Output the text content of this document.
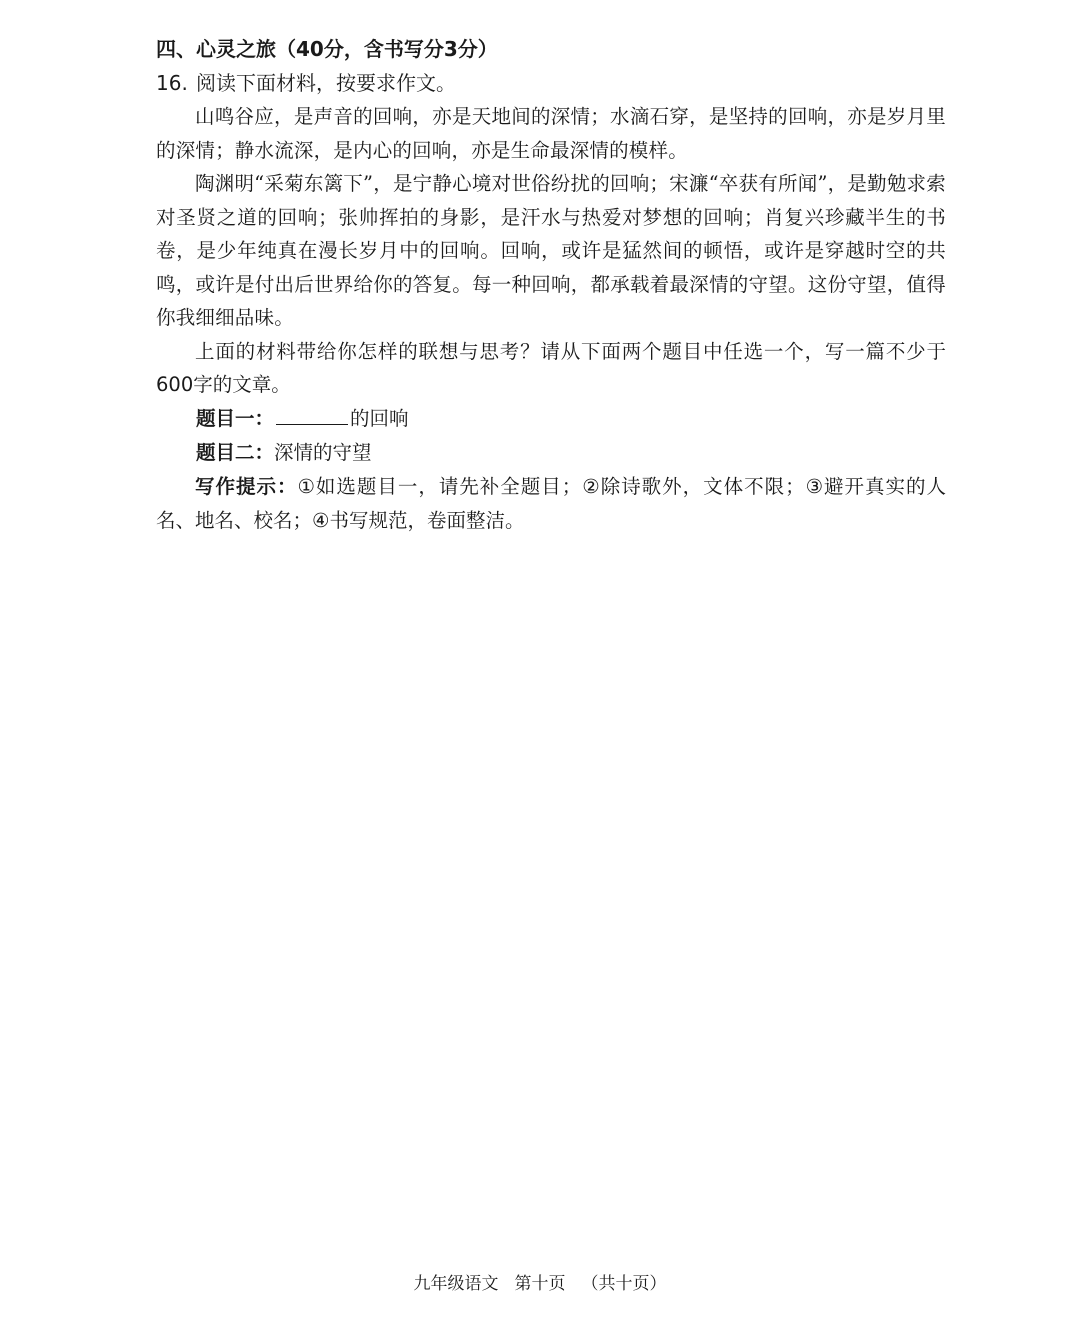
四、心灵之旅（40分，含书写分3分）

16. 阅读下面材料，按要求作文。

山鸣谷应，是声音的回响，亦是天地间的深情；水滴石穿，是坚持的回响，亦是岁月里的深情；静水流深，是内心的回响，亦是生命最深情的模样。

陶渊明“采菊东篱下”，是宁静心境对世俗纷扰的回响；宋濂“卒获有所闻”，是勤勉求索对圣贤之道的回响；张帅挥拍的身影，是汗水与热爱对梦想的回响；肖复兴珍藏半生的书卷，是少年纯真在漫长岁月中的回响。回响，或许是猛然间的顿悟，或许是穿越时空的共鸣，或许是付出后世界给你的答复。每一种回响，都承载着最深情的守望。这份守望，值得你我细细品味。

上面的材料带给你怎样的联想与思考？请从下面两个题目中任选一个，写一篇不少于600字的文章。

题目一：	的回响

题目二：深情的守望

写作提示：①如选题目一，请先补全题目；②除诗歌外，文体不限；③避开真实的人名、地名、校名；④书写规范，卷面整洁。

九年级语文 第十页 （共十页）
